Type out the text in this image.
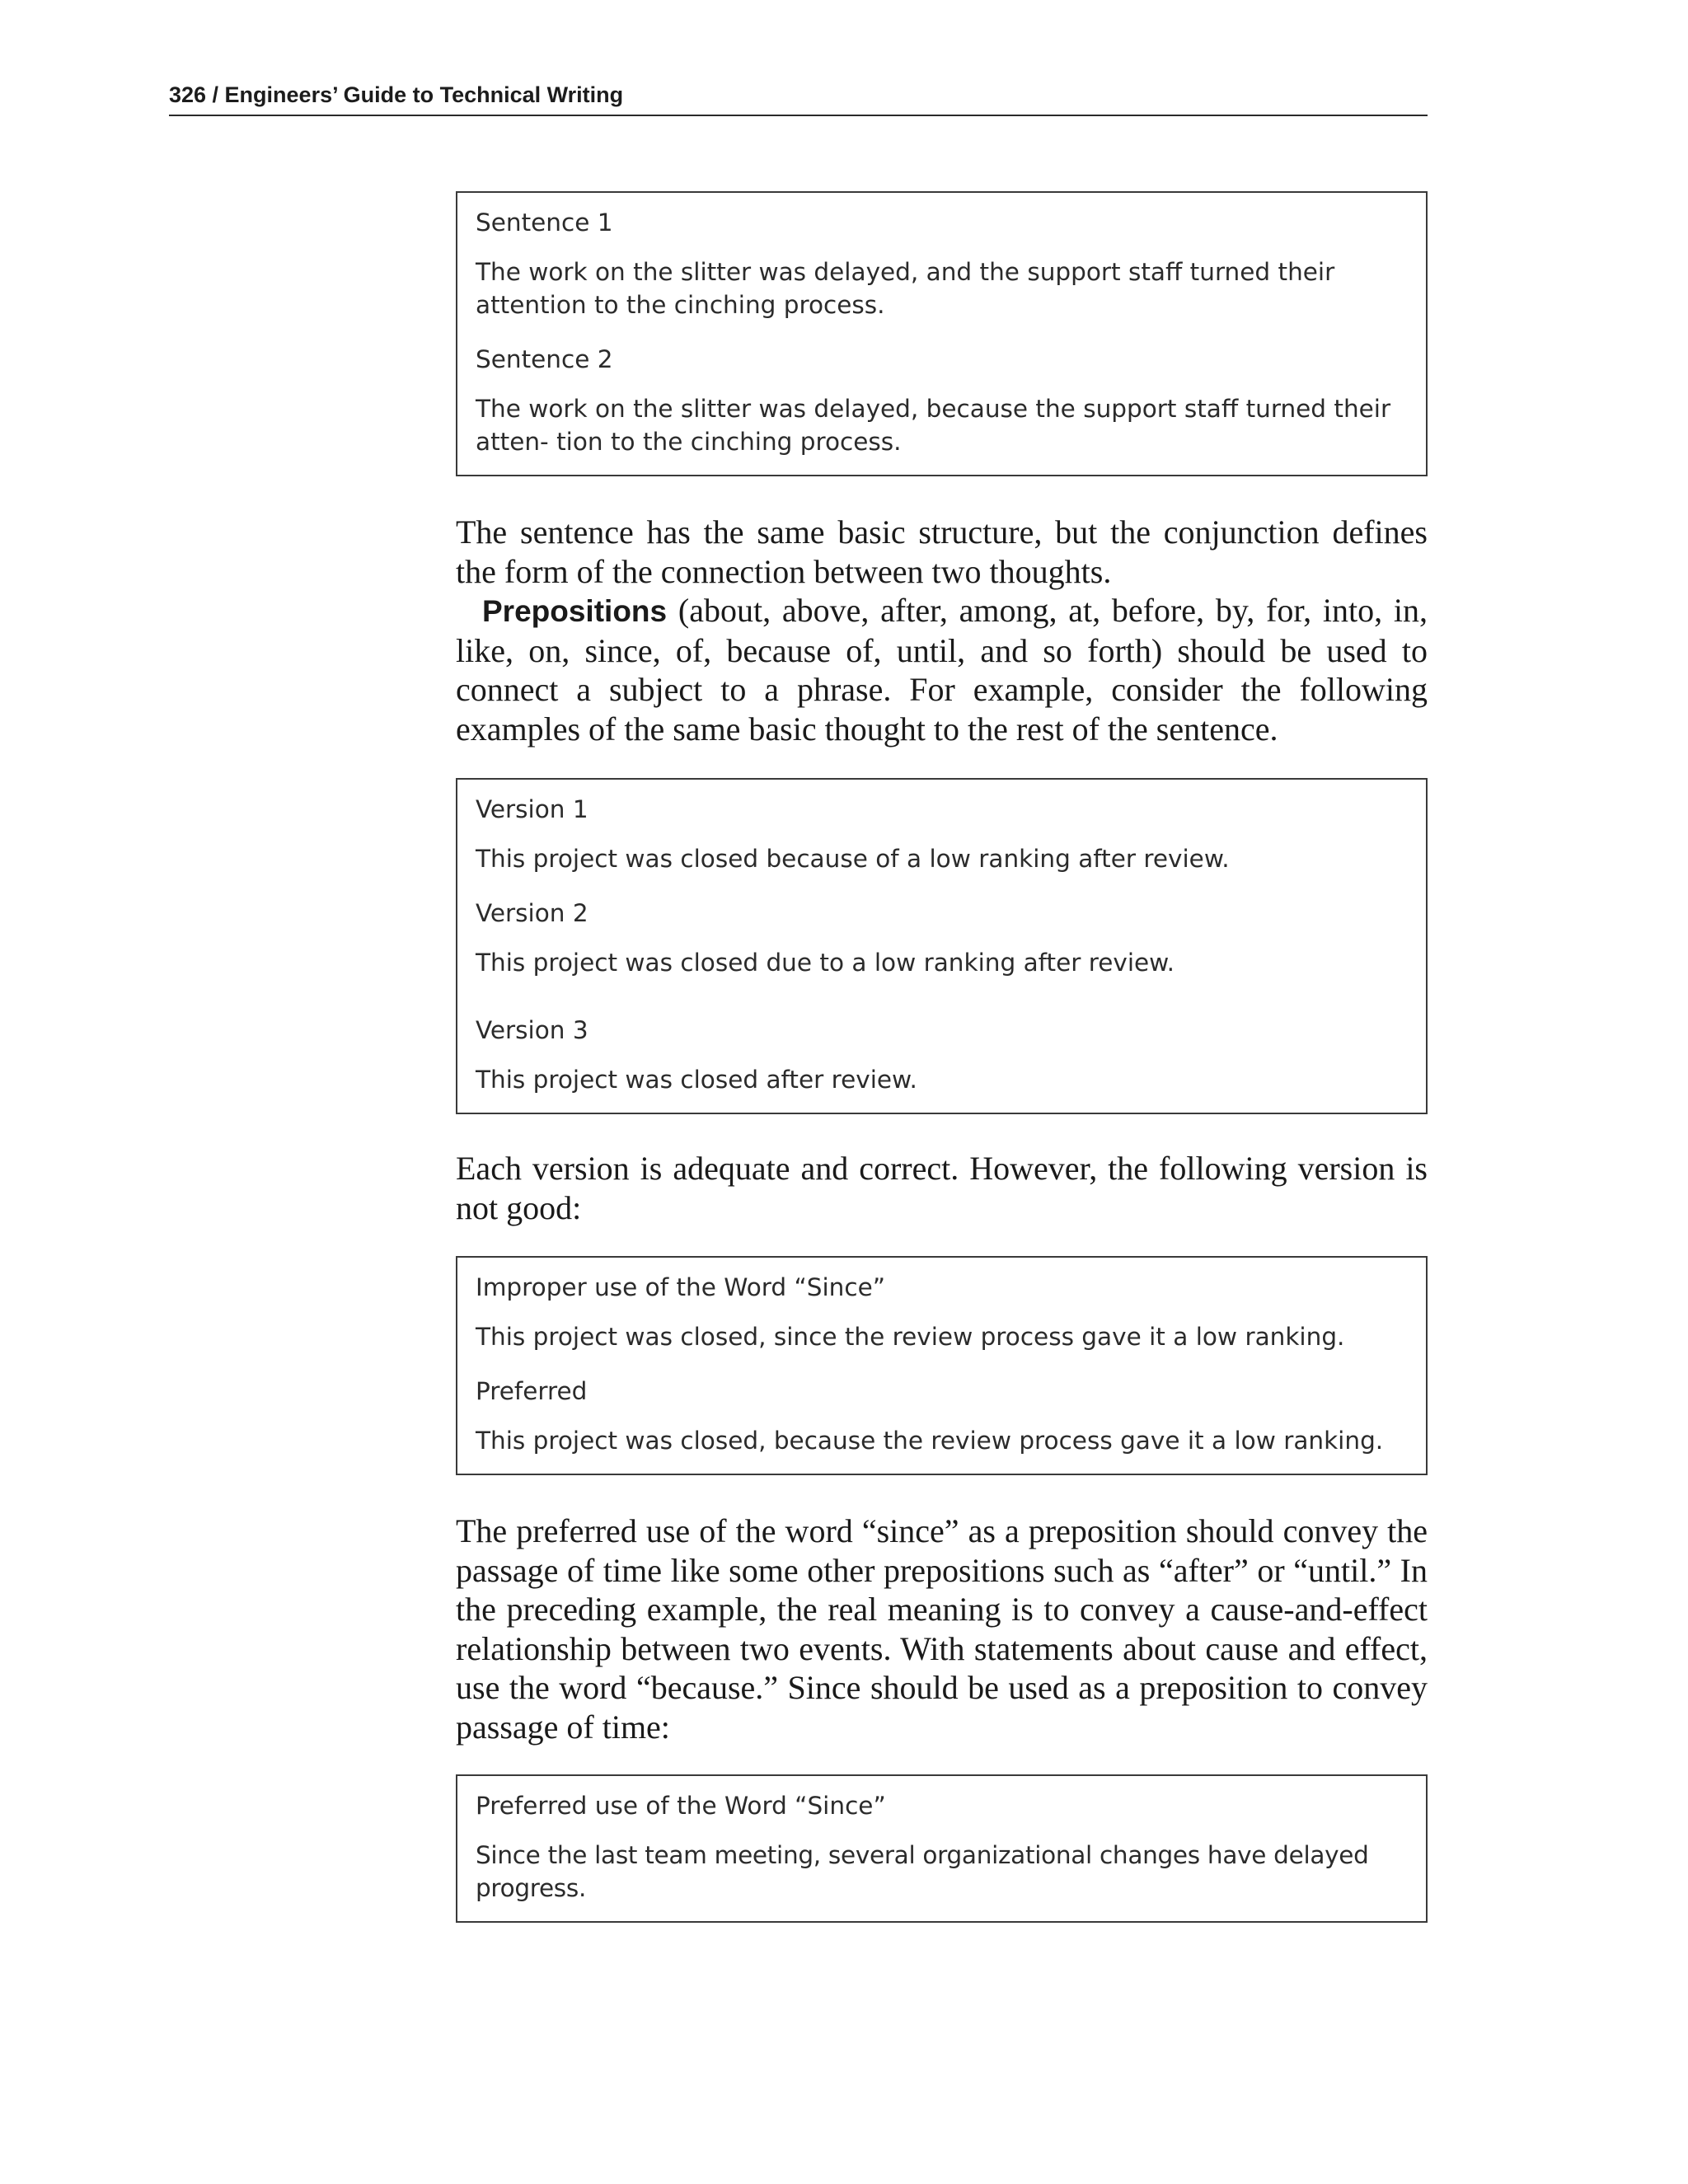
326 / Engineers’ Guide to Technical Writing

Sentence 1

The work on the slitter was delayed, and the support staff turned their attention to the cinching process.

Sentence 2

The work on the slitter was delayed, because the support staff turned their atten- tion to the cinching process.

The sentence has the same basic structure, but the conjunction defines the form of the connection between two thoughts.

Prepositions (about, above, after, among, at, before, by, for, into, in, like, on, since, of, because of, until, and so forth) should be used to connect a subject to a phrase. For example, consider the following examples of the same basic thought to the rest of the sentence.

Version 1

This project was closed because of a low ranking after review.

Version 2

This project was closed due to a low ranking after review.

Version 3

This project was closed after review.

Each version is adequate and correct. However, the following version is not good:

Improper use of the Word “Since”

This project was closed, since the review process gave it a low ranking.

Preferred

This project was closed, because the review process gave it a low ranking.

The preferred use of the word “since” as a preposition should convey the passage of time like some other prepositions such as “after” or “until.” In the preceding example, the real meaning is to convey a cause-and-effect relationship between two events. With statements about cause and effect, use the word “because.” Since should be used as a preposition to convey passage of time:

Preferred use of the Word “Since”

Since the last team meeting, several organizational changes have delayed progress.
